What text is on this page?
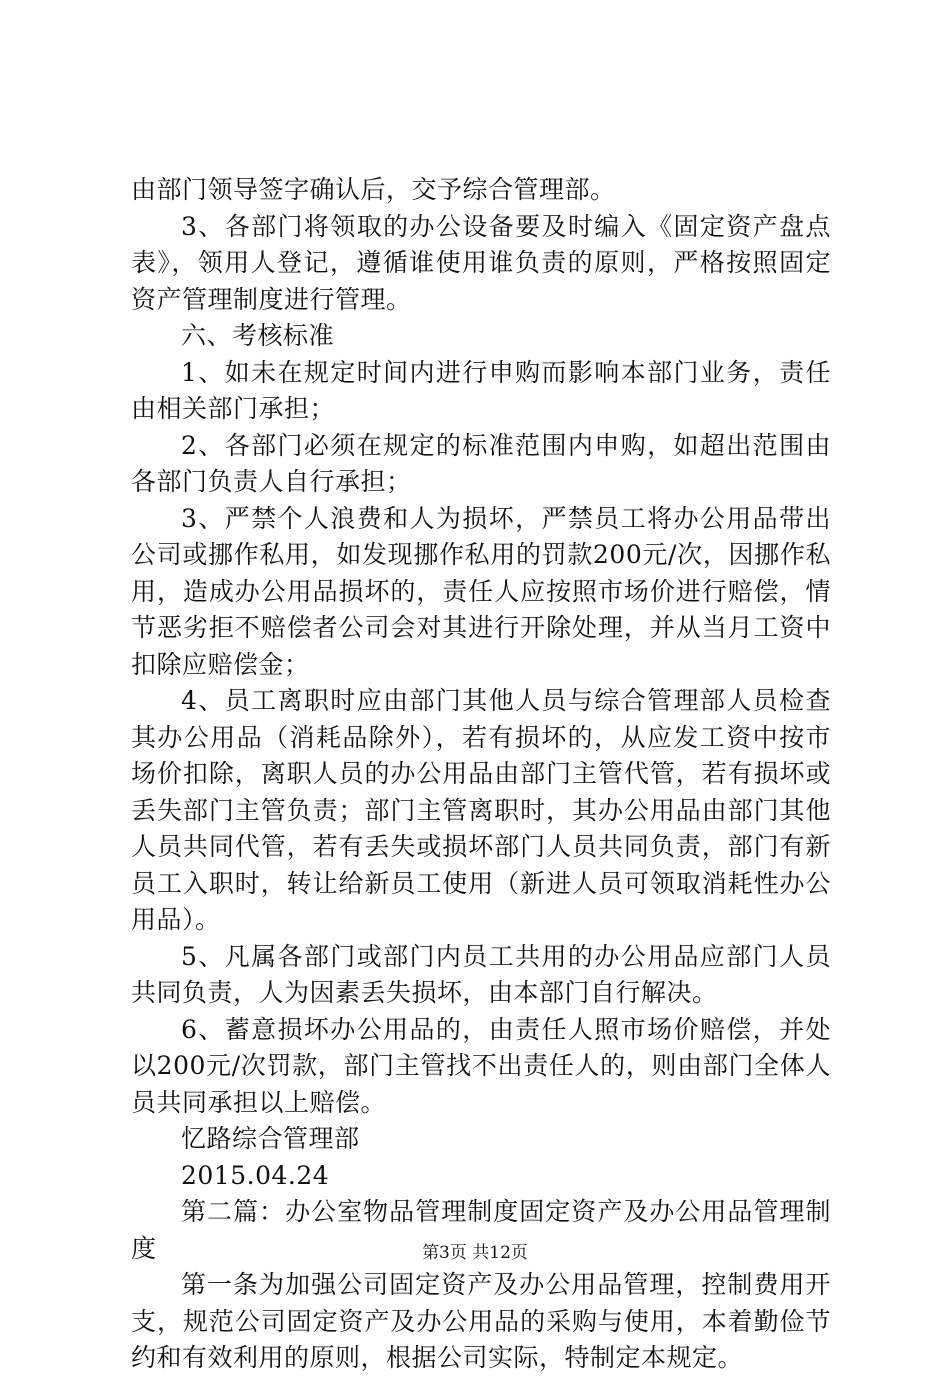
由部门领导签字确认后，交予综合管理部。

3、各部门将领取的办公设备要及时编入《固定资产盘点表》，领用人登记，遵循谁使用谁负责的原则，严格按照固定资产管理制度进行管理。

六、考核标准

1、如未在规定时间内进行申购而影响本部门业务，责任由相关部门承担；

2、各部门必须在规定的标准范围内申购，如超出范围由各部门负责人自行承担；

3、严禁个人浪费和人为损坏，严禁员工将办公用品带出公司或挪作私用，如发现挪作私用的罚款200元/次，因挪作私用，造成办公用品损坏的，责任人应按照市场价进行赔偿，情节恶劣拒不赔偿者公司会对其进行开除处理，并从当月工资中扣除应赔偿金；

4、员工离职时应由部门其他人员与综合管理部人员检查其办公用品（消耗品除外），若有损坏的，从应发工资中按市场价扣除，离职人员的办公用品由部门主管代管，若有损坏或丢失部门主管负责；部门主管离职时，其办公用品由部门其他人员共同代管，若有丢失或损坏部门人员共同负责，部门有新员工入职时，转让给新员工使用（新进人员可领取消耗性办公用品）。

5、凡属各部门或部门内员工共用的办公用品应部门人员共同负责，人为因素丢失损坏，由本部门自行解决。

6、蓄意损坏办公用品的，由责任人照市场价赔偿，并处以200元/次罚款，部门主管找不出责任人的，则由部门全体人员共同承担以上赔偿。

忆路综合管理部

2015.04.24

第二篇：办公室物品管理制度固定资产及办公用品管理制度

第一条为加强公司固定资产及办公用品管理，控制费用开支，规范公司固定资产及办公用品的采购与使用，本着勤俭节约和有效利用的原则，根据公司实际，特制定本规定。

第3页 共12页
